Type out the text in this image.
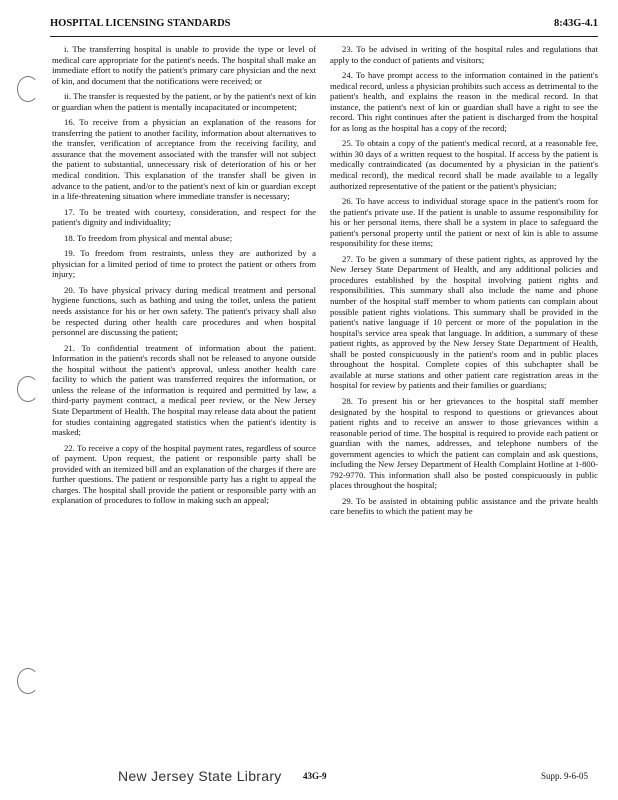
HOSPITAL LICENSING STANDARDS	8:43G-4.1

i. The transferring hospital is unable to provide the type or level of medical care appropriate for the patient's needs. The hospital shall make an immediate effort to notify the patient's primary care physician and the next of kin, and document that the notifications were received; or

ii. The transfer is requested by the patient, or by the patient's next of kin or guardian when the patient is mentally incapacitated or incompetent;

16. To receive from a physician an explanation of the reasons for transferring the patient to another facility, information about alternatives to the transfer, verification of acceptance from the receiving facility, and assurance that the movement associated with the transfer will not subject the patient to substantial, unnecessary risk of deterioration of his or her medical condition. This explanation of the transfer shall be given in advance to the patient, and/or to the patient's next of kin or guardian except in a life-threatening situation where immediate transfer is necessary;

17. To be treated with courtesy, consideration, and respect for the patient's dignity and individuality;

18. To freedom from physical and mental abuse;

19. To freedom from restraints, unless they are authorized by a physician for a limited period of time to protect the patient or others from injury;

20. To have physical privacy during medical treatment and personal hygiene functions, such as bathing and using the toilet, unless the patient needs assistance for his or her own safety. The patient's privacy shall also be respected during other health care procedures and when hospital personnel are discussing the patient;

21. To confidential treatment of information about the patient. Information in the patient's records shall not be released to anyone outside the hospital without the patient's approval, unless another health care facility to which the patient was transferred requires the information, or unless the release of the information is required and permitted by law, a third-party payment contract, a medical peer review, or the New Jersey State Department of Health. The hospital may release data about the patient for studies containing aggregated statistics when the patient's identity is masked;

22. To receive a copy of the hospital payment rates, regardless of source of payment. Upon request, the patient or responsible party shall be provided with an itemized bill and an explanation of the charges if there are further questions. The patient or responsible party has a right to appeal the charges. The hospital shall provide the patient or responsible party with an explanation of procedures to follow in making such an appeal;

23. To be advised in writing of the hospital rules and regulations that apply to the conduct of patients and visitors;

24. To have prompt access to the information contained in the patient's medical record, unless a physician prohibits such access as detrimental to the patient's health, and explains the reason in the medical record. In that instance, the patient's next of kin or guardian shall have a right to see the record. This right continues after the patient is discharged from the hospital for as long as the hospital has a copy of the record;

25. To obtain a copy of the patient's medical record, at a reasonable fee, within 30 days of a written request to the hospital. If access by the patient is medically contraindicated (as documented by a physician in the patient's medical record), the medical record shall be made available to a legally authorized representative of the patient or the patient's physician;

26. To have access to individual storage space in the patient's room for the patient's private use. If the patient is unable to assume responsibility for his or her personal items, there shall be a system in place to safeguard the patient's personal property until the patient or next of kin is able to assume responsibility for these items;

27. To be given a summary of these patient rights, as approved by the New Jersey State Department of Health, and any additional policies and procedures established by the hospital involving patient rights and responsibilities. This summary shall also include the name and phone number of the hospital staff member to whom patients can complain about possible patient rights violations. This summary shall be provided in the patient's native language if 10 percent or more of the population in the hospital's service area speak that language. In addition, a summary of these patient rights, as approved by the New Jersey State Department of Health, shall be posted conspicuously in the patient's room and in public places throughout the hospital. Complete copies of this subchapter shall be available at nurse stations and other patient care registration areas in the hospital for review by patients and their families or guardians;

28. To present his or her grievances to the hospital staff member designated by the hospital to respond to questions or grievances about patient rights and to receive an answer to those grievances within a reasonable period of time. The hospital is required to provide each patient or guardian with the names, addresses, and telephone numbers of the government agencies to which the patient can complain and ask questions, including the New Jersey Department of Health Complaint Hotline at 1-800-792-9770. This information shall also be posted conspicuously in public places throughout the hospital;

29. To be assisted in obtaining public assistance and the private health care benefits to which the patient may be

New Jersey State Library 43G-9	Supp. 9-6-05
